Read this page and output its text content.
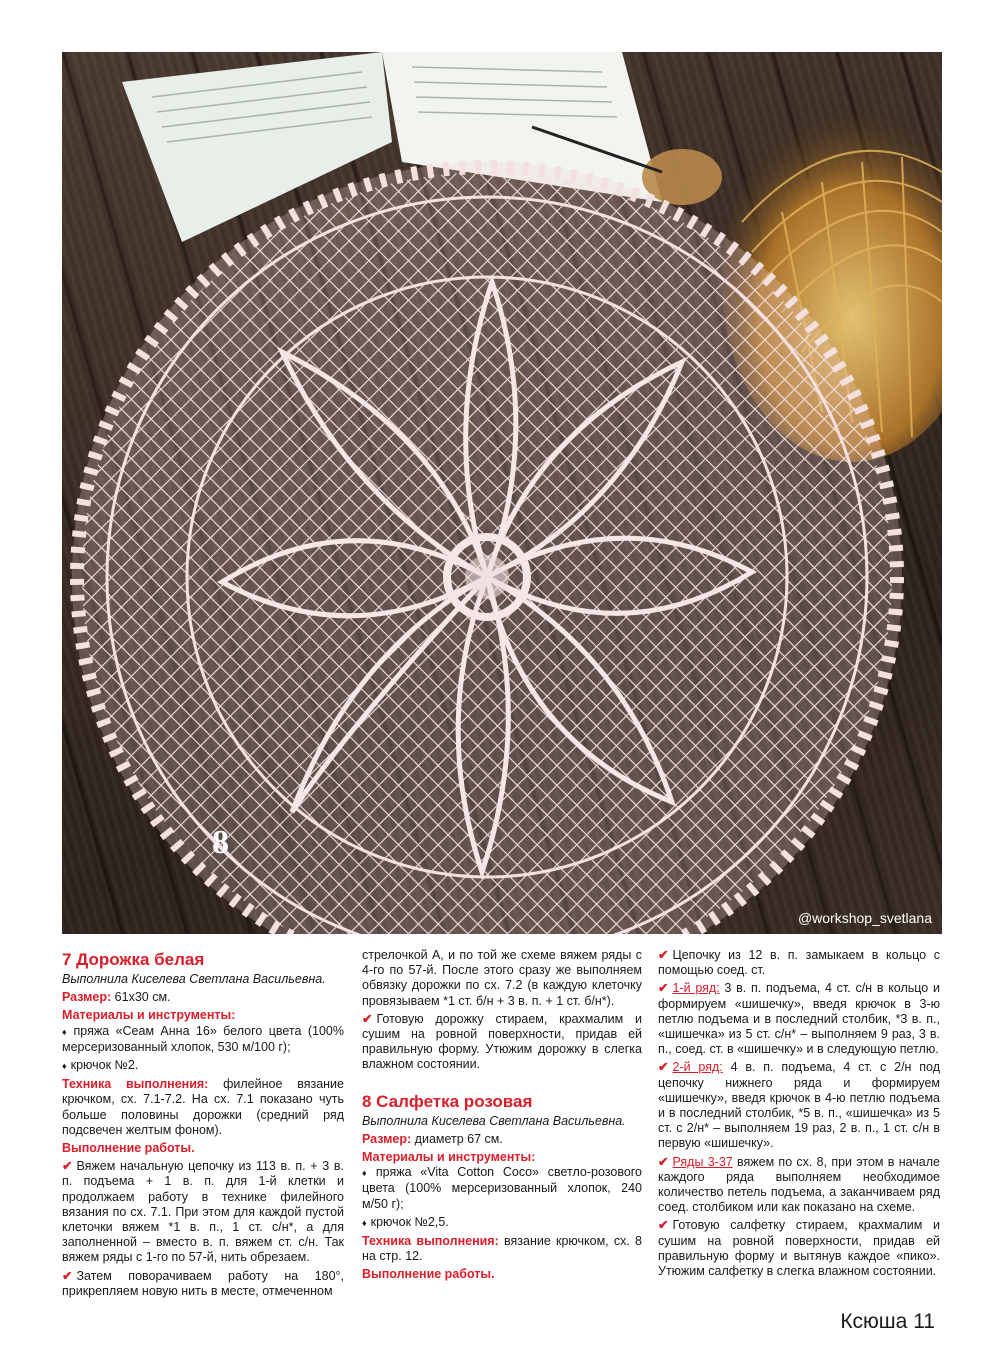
8
@workshop_svetlana
7 Дорожка белая
Выполнила Киселева Светлана Васильевна.
Размер: 61х30 см.
Материалы и инструменты:
♦ пряжа «Сеам Анна 16» белого цвета (100% мерсеризованный хлопок, 530 м/100 г);
♦ крючок №2.
Техника выполнения: филейное вязание крючком, сх. 7.1-7.2. На сх. 7.1 показано чуть больше половины дорожки (средний ряд подсвечен желтым фоном).
Выполнение работы.
✔ Вяжем начальную цепочку из 113 в. п. + 3 в. п. подъема + 1 в. п. для 1-й клетки и продолжаем работу в технике филейного вязания по сх. 7.1. При этом для каждой пустой клеточки вяжем *1 в. п., 1 ст. с/н*, а для заполненной – вместо в. п. вяжем ст. с/н. Так вяжем ряды с 1-го по 57-й, нить обрезаем.
✔ Затем поворачиваем работу на 180°, прикрепляем новую нить в месте, отмеченном
стрелочкой А, и по той же схеме вяжем ряды с 4-го по 57-й. После этого сразу же выполняем обвязку дорожки по сх. 7.2 (в каждую клеточку провязываем *1 ст. б/н + 3 в. п. + 1 ст. б/н*).
✔ Готовую дорожку стираем, крахмалим и сушим на ровной поверхности, придав ей правильную форму. Утюжим дорожку в слегка влажном состоянии.
8 Салфетка розовая
Выполнила Киселева Светлана Васильевна.
Размер: диаметр 67 см.
Материалы и инструменты:
♦ пряжа «Vita Cotton Coco» светло-розового цвета (100% мерсеризованный хлопок, 240 м/50 г);
♦ крючок №2,5.
Техника выполнения: вязание крючком, сх. 8 на стр. 12.
Выполнение работы.
✔ Цепочку из 12 в. п. замыкаем в кольцо с помощью соед. ст.
✔ 1-й ряд: 3 в. п. подъема, 4 ст. с/н в кольцо и формируем «шишечку», введя крючок в 3-ю петлю подъема и в последний столбик, *3 в. п., «шишечка» из 5 ст. с/н* – выполняем 9 раз, 3 в. п., соед. ст. в «шишечку» и в следующую петлю.
✔ 2-й ряд: 4 в. п. подъема, 4 ст. с 2/н под цепочку нижнего ряда и формируем «шишечку», введя крючок в 4-ю петлю подъема и в последний столбик, *5 в. п., «шишечка» из 5 ст. с 2/н* – выполняем 19 раз, 2 в. п., 1 ст. с/н в первую «шишечку».
✔ Ряды 3-37 вяжем по сх. 8, при этом в начале каждого ряда выполняем необходимое количество петель подъема, а заканчиваем ряд соед. столбиком или как показано на схеме.
✔ Готовую салфетку стираем, крахмалим и сушим на ровной поверхности, придав ей правильную форму и вытянув каждое «пико». Утюжим салфетку в слегка влажном состоянии.
Ксюша 11
